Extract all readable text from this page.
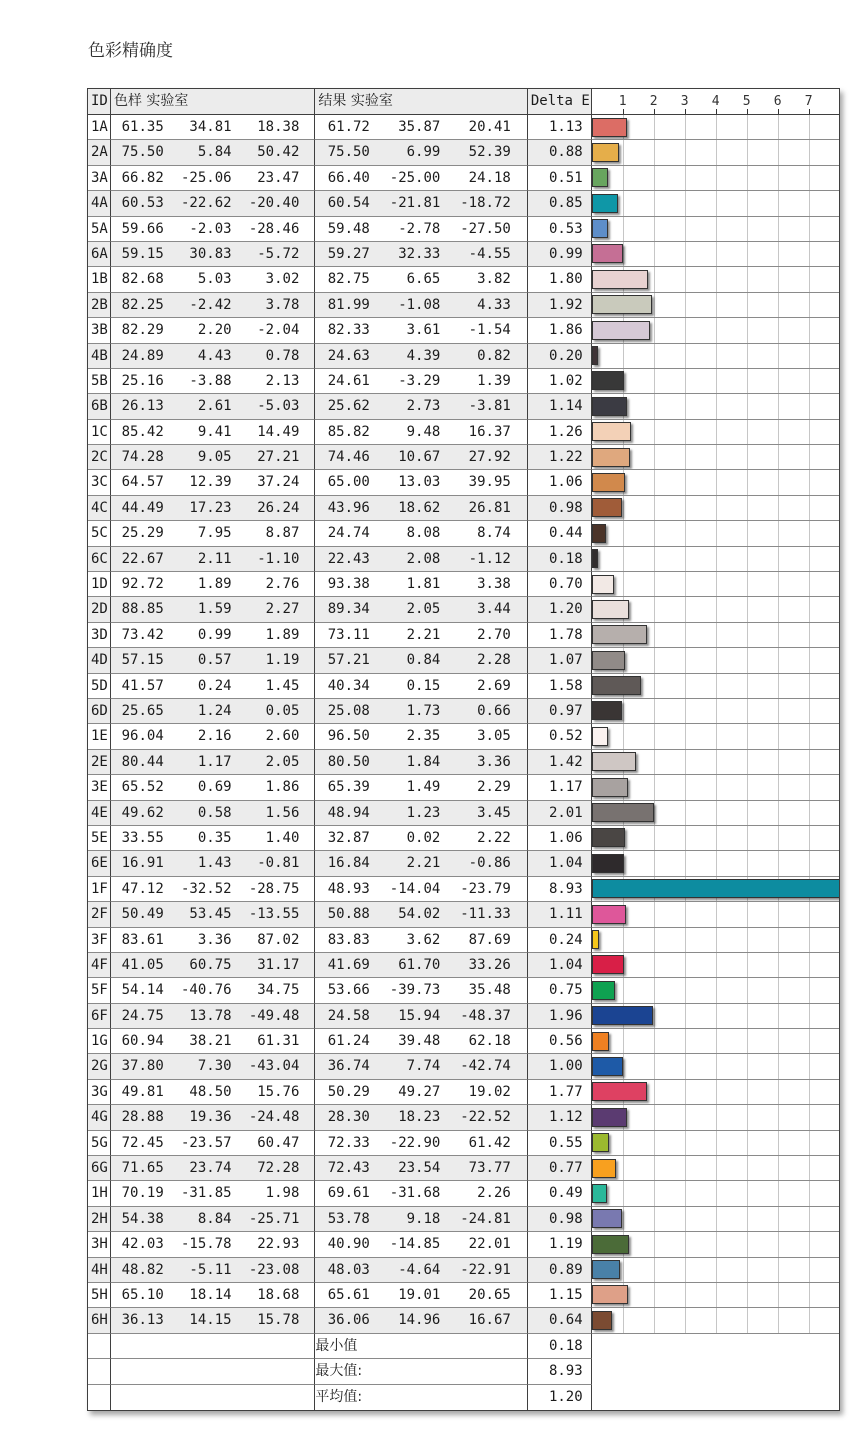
色彩精确度
ID 色样 实验室	结果 实验室	Delta E 1 2 3 4 5 6 7
1A 61.35	34.81	18.38	61.72	35.87	20.41	1.13
2A 75.50	5.84	50.42	75.50	6.99	52.39	0.88
3A 66.82	-25.06	23.47	66.40	-25.00	24.18	0.51
4A 60.53	-22.62	-20.40	60.54	-21.81	-18.72	0.85
5A 59.66	-2.03	-28.46	59.48	-2.78	-27.50	0.53
6A 59.15	30.83	-5.72	59.27	32.33	-4.55	0.99
1B 82.68	5.03	3.02	82.75	6.65	3.82	1.80
2B 82.25	-2.42	3.78	81.99	-1.08	4.33	1.92
3B 82.29	2.20	-2.04	82.33	3.61	-1.54	1.86
4B 24.89	4.43	0.78	24.63	4.39	0.82	0.20
5B 25.16	-3.88	2.13	24.61	-3.29	1.39	1.02
6B 26.13	2.61	-5.03	25.62	2.73	-3.81	1.14
1C 85.42	9.41	14.49	85.82	9.48	16.37	1.26
2C 74.28	9.05	27.21	74.46	10.67	27.92	1.22
3C 64.57	12.39	37.24	65.00	13.03	39.95	1.06
4C 44.49	17.23	26.24	43.96	18.62	26.81	0.98
5C 25.29	7.95	8.87	24.74	8.08	8.74	0.44
6C 22.67	2.11	-1.10	22.43	2.08	-1.12	0.18
1D 92.72	1.89	2.76	93.38	1.81	3.38	0.70
2D 88.85	1.59	2.27	89.34	2.05	3.44	1.20
3D 73.42	0.99	1.89	73.11	2.21	2.70	1.78
4D 57.15	0.57	1.19	57.21	0.84	2.28	1.07
5D 41.57	0.24	1.45	40.34	0.15	2.69	1.58
6D 25.65	1.24	0.05	25.08	1.73	0.66	0.97
1E 96.04	2.16	2.60	96.50	2.35	3.05	0.52
2E 80.44	1.17	2.05	80.50	1.84	3.36	1.42
3E 65.52	0.69	1.86	65.39	1.49	2.29	1.17
4E 49.62	0.58	1.56	48.94	1.23	3.45	2.01
5E 33.55	0.35	1.40	32.87	0.02	2.22	1.06
6E 16.91	1.43	-0.81	16.84	2.21	-0.86	1.04
1F 47.12	-32.52	-28.75	48.93	-14.04	-23.79	8.93
2F 50.49	53.45	-13.55	50.88	54.02	-11.33	1.11
3F 83.61	3.36	87.02	83.83	3.62	87.69	0.24
4F 41.05	60.75	31.17	41.69	61.70	33.26	1.04
5F 54.14	-40.76	34.75	53.66	-39.73	35.48	0.75
6F 24.75	13.78	-49.48	24.58	15.94	-48.37	1.96
1G 60.94	38.21	61.31	61.24	39.48	62.18	0.56
2G 37.80	7.30	-43.04	36.74	7.74	-42.74	1.00
3G 49.81	48.50	15.76	50.29	49.27	19.02	1.77
4G 28.88	19.36	-24.48	28.30	18.23	-22.52	1.12
5G 72.45	-23.57	60.47	72.33	-22.90	61.42	0.55
6G 71.65	23.74	72.28	72.43	23.54	73.77	0.77
1H 70.19	-31.85	1.98	69.61	-31.68	2.26	0.49
2H 54.38	8.84	-25.71	53.78	9.18	-24.81	0.98
3H 42.03	-15.78	22.93	40.90	-14.85	22.01	1.19
4H 48.82	-5.11	-23.08	48.03	-4.64	-22.91	0.89
5H 65.10	18.14	18.68	65.61	19.01	20.65	1.15
6H 36.13	14.15	15.78	36.06	14.96	16.67	0.64
最小值	0.18
最大值:	8.93
平均值:	1.20
